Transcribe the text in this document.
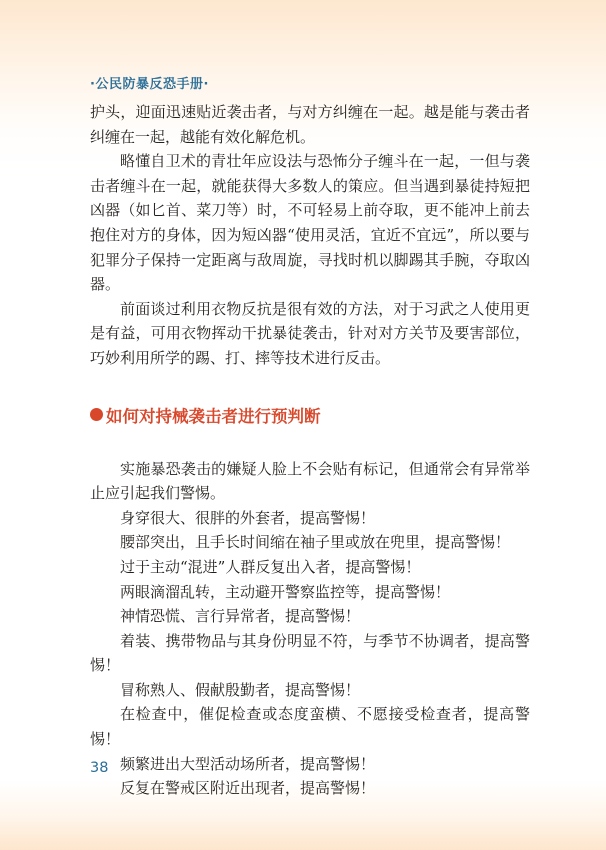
·公民防暴反恐手册·

护头，迎面迅速贴近袭击者，与对方纠缠在一起。越是能与袭击者纠缠在一起，越能有效化解危机。

略懂自卫术的青壮年应设法与恐怖分子缠斗在一起，一但与袭击者缠斗在一起，就能获得大多数人的策应。但当遇到暴徒持短把凶器（如匕首、菜刀等）时，不可轻易上前夺取，更不能冲上前去抱住对方的身体，因为短凶器“使用灵活，宜近不宜远”，所以要与犯罪分子保持一定距离与敌周旋，寻找时机以脚踢其手腕，夺取凶器。

前面谈过利用衣物反抗是很有效的方法，对于习武之人使用更是有益，可用衣物挥动干扰暴徒袭击，针对对方关节及要害部位，巧妙利用所学的踢、打、摔等技术进行反击。

如何对持械袭击者进行预判断

实施暴恐袭击的嫌疑人脸上不会贴有标记，但通常会有异常举止应引起我们警惕。

身穿很大、很胖的外套者，提高警惕！

腰部突出，且手长时间缩在袖子里或放在兜里，提高警惕！

过于主动“混进”人群反复出入者，提高警惕！

两眼滴溜乱转，主动避开警察监控等，提高警惕！

神情恐慌、言行异常者，提高警惕！

着装、携带物品与其身份明显不符，与季节不协调者，提高警惕！

冒称熟人、假献殷勤者，提高警惕！

在检查中，催促检查或态度蛮横、不愿接受检查者，提高警惕！

频繁进出大型活动场所者，提高警惕！

反复在警戒区附近出现者，提高警惕！

38
